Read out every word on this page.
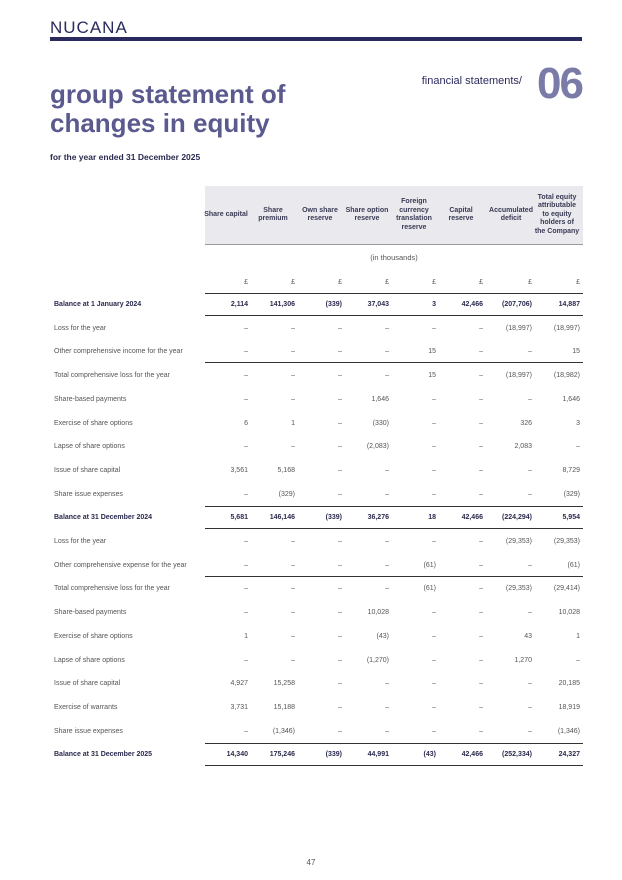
NUCANA
financial statements/ 06
group statement of changes in equity
for the year ended 31 December 2025
Share capital
Share premium
Own share reserve
Share option reserve
Foreign currency translation reserve
Capital reserve
Accumulated deficit
Total equity attributable to equity holders of the Company
(in thousands)
£	£	£	£	£	£	£	£
Balance at 1 January 2024	2,114	141,306	(339)	37,043	3	42,466	(207,706)	14,887
Loss for the year	–	–	–	–	–	–	(18,997)	(18,997)
Other comprehensive income for the year	–	–	–	–	15	–	–	15
Total comprehensive loss for the year	–	–	–	–	15	–	(18,997)	(18,982)
Share-based payments	–	–	–	1,646	–	–	–	1,646
Exercise of share options	6	1	–	(330)	–	–	326	3
Lapse of share options	–	–	–	(2,083)	–	–	2,083	–
Issue of share capital	3,561	5,168	–	–	–	–	–	8,729
Share issue expenses	–	(329)	–	–	–	–	–	(329)
Balance at 31 December 2024	5,681	146,146	(339)	36,276	18	42,466	(224,294)	5,954
Loss for the year	–	–	–	–	–	–	(29,353)	(29,353)
Other comprehensive expense for the year	–	–	–	–	(61)	–	–	(61)
Total comprehensive loss for the year	–	–	–	–	(61)	–	(29,353)	(29,414)
Share-based payments	–	–	–	10,028	–	–	–	10,028
Exercise of share options	1	–	–	(43)	–	–	43	1
Lapse of share options	–	–	–	(1,270)	–	–	1,270	–
Issue of share capital	4,927	15,258	–	–	–	–	–	20,185
Exercise of warrants	3,731	15,188	–	–	–	–	–	18,919
Share issue expenses	–	(1,346)	–	–	–	–	–	(1,346)
Balance at 31 December 2025	14,340	175,246	(339)	44,991	(43)	42,466	(252,334)	24,327
47
